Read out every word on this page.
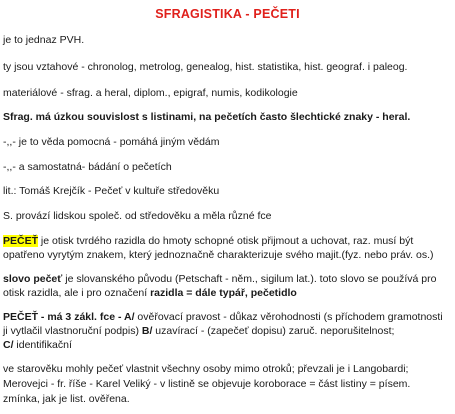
SFRAGISTIKA - PEČETI
je to jednaz PVH.
ty jsou vztahové - chronolog, metrolog, genealog, hist. statistika, hist. geograf. i paleog.
materiálové - sfrag. a heral, diplom., epigraf, numis, kodikologie
Sfrag. má úzkou souvislost s listinami, na pečetích často šlechtické znaky - heral.
-,,- je to věda pomocná - pomáhá jiným vědám
-,,- a samostatná- bádání o pečetích
lit.: Tomáš Krejčík - Pečeť v kultuře středověku
S. provází lidskou společ. od středověku a měla různé fce
PEČEŤ je otisk tvrdého razidla do hmoty schopné otisk přijmout a uchovat, raz. musí být
opatřeno vyrytým znakem, který jednoznačně charakterizuje svého majit.(fyz. nebo práv. os.)
slovo pečeť je slovanského původu (Petschaft - něm., sigilum lat.). toto slovo se používá pro
otisk razidla, ale i pro označení razidla = dále typář, pečetidlo
PEČEŤ - má 3 zákl. fce - A/ ověřovací pravost - důkaz věrohodnosti (s příchodem gramotnosti
ji vytlačil vlastnoruční podpis) B/ uzavírací - (zapečeť dopisu) zaruč. neporušitelnost;
C/ identifikační
ve starověku mohly pečeť vlastnit všechny osoby mimo otroků; převzali je i Langobardi;
Merovejci - fr. říše - Karel Veliký - v listině se objevuje koroborace = část listiny = písem.
zmínka, jak je list. ověřena.
